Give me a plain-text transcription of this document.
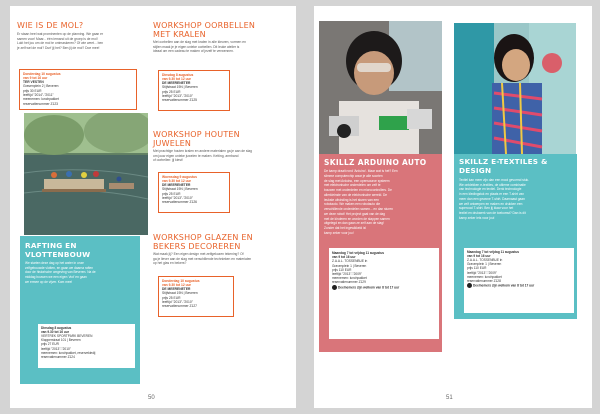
WIE IS DE MOL?

Er staan heel wat prominenten op de planning. We gaan er

samen voor! Maar... één iemand uit de groep is de mol!

Lukt het jou om de mol te ontmaskeren? Of wie weet... ben

je zelf wel de mol? Durf jij het? Ben jij de mol? Doe mee!

Donderdag 10 augustus
van 9 tot 16 uur
TER VESTEN
Gravenplein 2 | Beveren
prijs 30 EUR
leeftijd "2014"-"2011"
meenemen: lunchpakket
reservatienummer Z123
RAFTING EN
VLOTTENBOUW

We starten deze dag op het water in onze

zelfgebouwde vlotten, en gaan we daarna raften

door de historische omgeving van Beveren. Na de

middag bouwen we een eigen 'vlot' en gaan

we ermee op de vijver. Kom mee!

Dinsdag 8 augustus
van 9.30 tot 16 uur
VERTREK SPORTPARK BEVEREN
Klapperstraat 101 | Beveren
prijs 27 EUR
leeftijd "2013"-"2010"
meenemen: lunchpakket, reservekledij
reservatienummer Z124
WORKSHOP OORBELLEN
MET KRALEN

Met oorbellen aan de slag met kralen in alle kleuren, vormen en

stijlen maak je je eigen unieke oorbellen. Dit leuke atelier is

ideaal om een cadeau te maken of jezelf te verwennen.

Dinsdag 8 augustus
van 9.30 tot 12 uur
DE MEERENETER
Stijfstraat 19N | Beveren
prijs 25 EUR
leeftijd "2013"-"2010"
reservatienummer Z125
WORKSHOP HOUTEN
JUWELEN

Met prachtige houten kralen en andere materialen ga je aan de slag

om jouw eigen unieke juwelen te maken. Ketting, armband

of oorbellen: jij kiest!

Woensdag 9 augustus
van 9.30 tot 12 uur
DE MEERENETER
Stijfstraat 19N | Beveren
prijs 25 EUR
leeftijd "2013"-"2010"
reservatienummer Z126
WORKSHOP GLAZEN EN
BEKERS DECOREREN

Wat maak jij? Een eigen design met zelfgekozen tekening? Of

ga je liever aan de slag met verschillende technieken en materialen

op het glas en bekers?

Donderdag 10 augustus
van 9.30 tot 12 uur
DE MEERENETER
Stijfstraat 19N | Beveren
prijs 25 EUR
leeftijd "2013"-"2010"
reservatienummer Z127
50
SKILLZ ARDUINO AUTO

De kamp draait rond 'Arduino'. Maar wat is het? Een

slimme computerchip waar je alle soorten

de slag met Arduino, een opensource systeem

met elektronische onderdelen om zelf te

bouwen met onderdelen en microcontrollers. De

allerkleinste van de elektronische wereld. De

leukste uitvinding is het sturen van een

robotauto. We maken een robotauto die

verschillende onderdelen samen... en dan sturen

we deze robot! Het project gaat van de dag

met de kinderen en worden de stappen samen

uitgelegd en dan gaan ze zelf aan de slag!

Zonder dat het ingewikkeld is!

kamp zeker voor jou!

Maandag 7 tot vrijdag 11 augustus
van 9 tot 16 uur
Z.A.A.L. TOSSENBUE in
Gravenplein 1 | Beveren
prijs 110 EUR
leeftijd "2013"-"2009"
meenemen: lunchpakket
reservatienummer Z129
Deelnemers zijn welkom van 8 tot 17 uur
SKILLZ E-TEXTILES &
DESIGN

Textiel kan meer zijn dan een mooi gevormd stuk.

We ontdekken e-textiles, de ultieme combinatie

van technologie en textiel. Denk technologie

in een kledingstuk en plaats er een T-shirt van

meer dan een gewone T-shirt. Daarnaast gaan

we zelf ontwerpen en maken en drukken een

supercool T-shirt. Ben jij klaar voor het

textiel en drukwerk van de toekomst? Dan is dit

kamp zeker iets voor jou!

Maandag 7 tot vrijdag 11 augustus
van 9 tot 16 uur
Z.A.A.L. TOSSENBUE in
Gravenplein 1 | Beveren
prijs 110 EUR
leeftijd "2013"-"2009"
meenemen: lunchpakket
reservatienummer Z128
Deelnemers zijn welkom van 8 tot 17 uur
51
